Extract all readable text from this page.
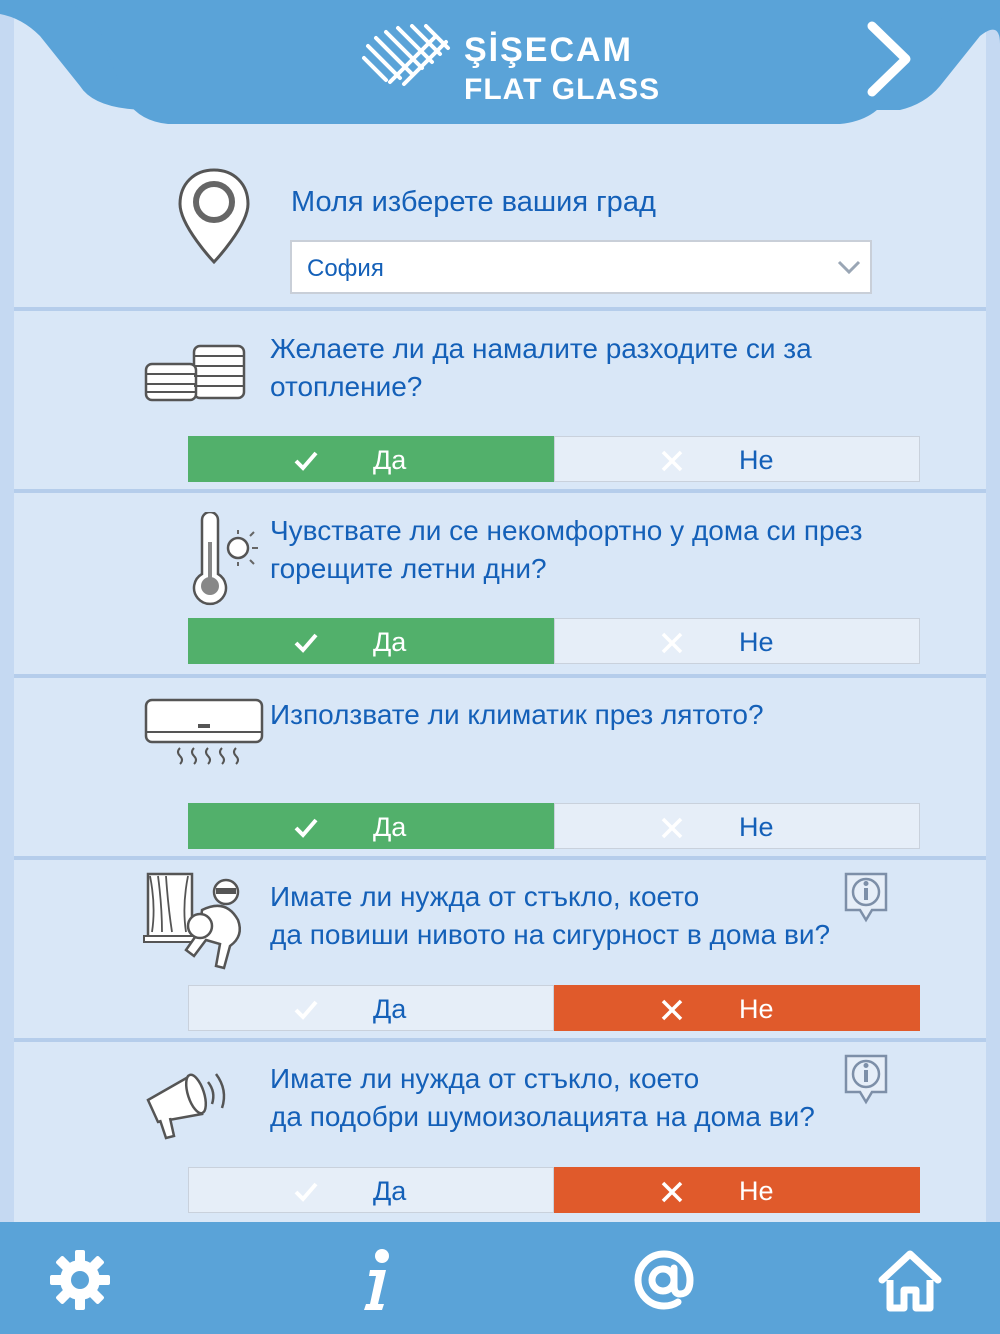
ŞİŞECAM
FLAT GLASS
Моля изберете вашия град
София
Желаете ли да намалите разходите си за
отопление?
Да	Не
Чувствате ли се некомфортно у дома си през
горещите летни дни?
Да	Не
Използвате ли климатик през лятото?
Да	Не
Имате ли нужда от стъкло, което
да повиши нивото на сигурност в дома ви?
Да	Не
Имате ли нужда от стъкло, което
да подобри шумоизолацията на дома ви?
Да	Не
